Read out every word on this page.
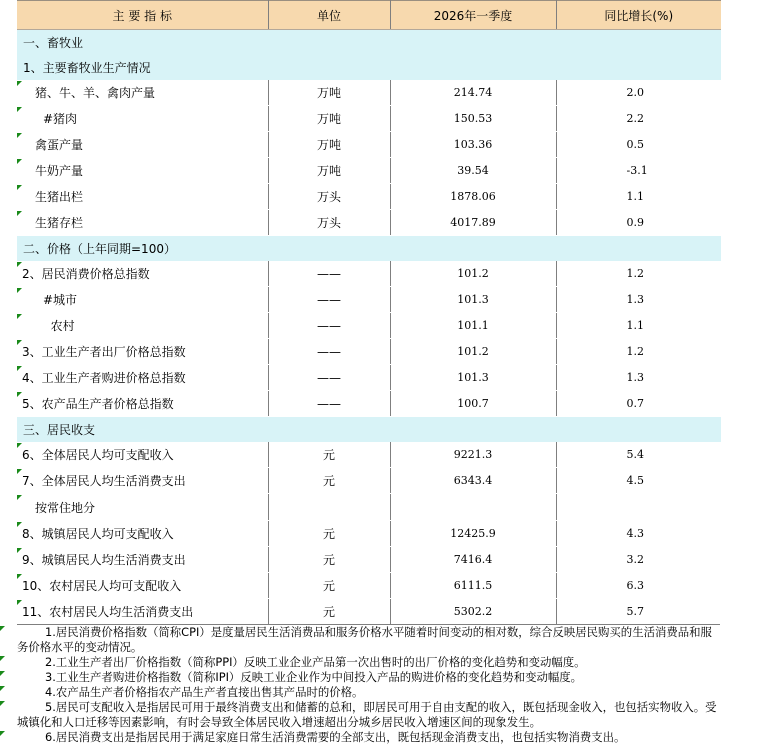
主 要 指 标	单位	2026年一季度	同比增长(%)
一、畜牧业			
1、主要畜牧业生产情况			

猪、牛、羊、禽肉产量	万吨	214.74	2.0

#猪肉	万吨	150.53	2.2

禽蛋产量	万吨	103.36	0.5

牛奶产量	万吨	39.54	-3.1

生猪出栏	万头	1878.06	1.1

生猪存栏	万头	4017.89	0.9
二、价格（上年同期=100）			

2、居民消费价格总指数	——	101.2	1.2

#城市	——	101.3	1.3

农村	——	101.1	1.1

3、工业生产者出厂价格总指数	——	101.2	1.2

4、工业生产者购进价格总指数	——	101.3	1.3

5、农产品生产者价格总指数	——	100.7	0.7
三、居民收支			

6、全体居民人均可支配收入	元	9221.3	5.4

7、全体居民人均生活消费支出	元	6343.4	4.5

按常住地分			

8、城镇居民人均可支配收入	元	12425.9	4.3

9、城镇居民人均生活消费支出	元	7416.4	3.2

10、农村居民人均可支配收入	元	6111.5	6.3

11、农村居民人均生活消费支出	元	5302.2	5.7

1.居民消费价格指数（简称CPI）是度量居民生活消费品和服务价格水平随着时间变动的相对数，综合反映居民购买的生活消费品和服务价格水平的变动情况。

2.工业生产者出厂价格指数（简称PPI）反映工业企业产品第一次出售时的出厂价格的变化趋势和变动幅度。

3.工业生产者购进价格指数（简称IPI）反映工业企业作为中间投入产品的购进价格的变化趋势和变动幅度。

4.农产品生产者价格指农产品生产者直接出售其产品时的价格。

5.居民可支配收入是指居民可用于最终消费支出和储蓄的总和，即居民可用于自由支配的收入，既包括现金收入，也包括实物收入。受城镇化和人口迁移等因素影响，有时会导致全体居民收入增速超出分城乡居民收入增速区间的现象发生。

6.居民消费支出是指居民用于满足家庭日常生活消费需要的全部支出，既包括现金消费支出，也包括实物消费支出。
